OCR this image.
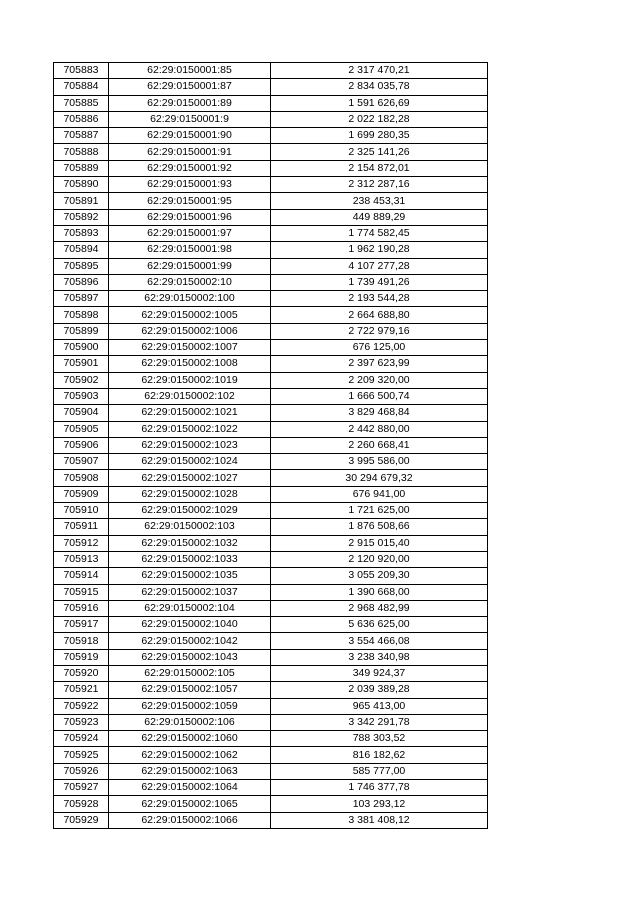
705883	62:29:0150001:85	2 317 470,21
705884	62:29:0150001:87	2 834 035,78
705885	62:29:0150001:89	1 591 626,69
705886	62:29:0150001:9	2 022 182,28
705887	62:29:0150001:90	1 699 280,35
705888	62:29:0150001:91	2 325 141,26
705889	62:29:0150001:92	2 154 872,01
705890	62:29:0150001:93	2 312 287,16
705891	62:29:0150001:95	238 453,31
705892	62:29:0150001:96	449 889,29
705893	62:29:0150001:97	1 774 582,45
705894	62:29:0150001:98	1 962 190,28
705895	62:29:0150001:99	4 107 277,28
705896	62:29:0150002:10	1 739 491,26
705897	62:29:0150002:100	2 193 544,28
705898	62:29:0150002:1005	2 664 688,80
705899	62:29:0150002:1006	2 722 979,16
705900	62:29:0150002:1007	676 125,00
705901	62:29:0150002:1008	2 397 623,99
705902	62:29:0150002:1019	2 209 320,00
705903	62:29:0150002:102	1 666 500,74
705904	62:29:0150002:1021	3 829 468,84
705905	62:29:0150002:1022	2 442 880,00
705906	62:29:0150002:1023	2 260 668,41
705907	62:29:0150002:1024	3 995 586,00
705908	62:29:0150002:1027	30 294 679,32
705909	62:29:0150002:1028	676 941,00
705910	62:29:0150002:1029	1 721 625,00
705911	62:29:0150002:103	1 876 508,66
705912	62:29:0150002:1032	2 915 015,40
705913	62:29:0150002:1033	2 120 920,00
705914	62:29:0150002:1035	3 055 209,30
705915	62:29:0150002:1037	1 390 668,00
705916	62:29:0150002:104	2 968 482,99
705917	62:29:0150002:1040	5 636 625,00
705918	62:29:0150002:1042	3 554 466,08
705919	62:29:0150002:1043	3 238 340,98
705920	62:29:0150002:105	349 924,37
705921	62:29:0150002:1057	2 039 389,28
705922	62:29:0150002:1059	965 413,00
705923	62:29:0150002:106	3 342 291,78
705924	62:29:0150002:1060	788 303,52
705925	62:29:0150002:1062	816 182,62
705926	62:29:0150002:1063	585 777,00
705927	62:29:0150002:1064	1 746 377,78
705928	62:29:0150002:1065	103 293,12
705929	62:29:0150002:1066	3 381 408,12
